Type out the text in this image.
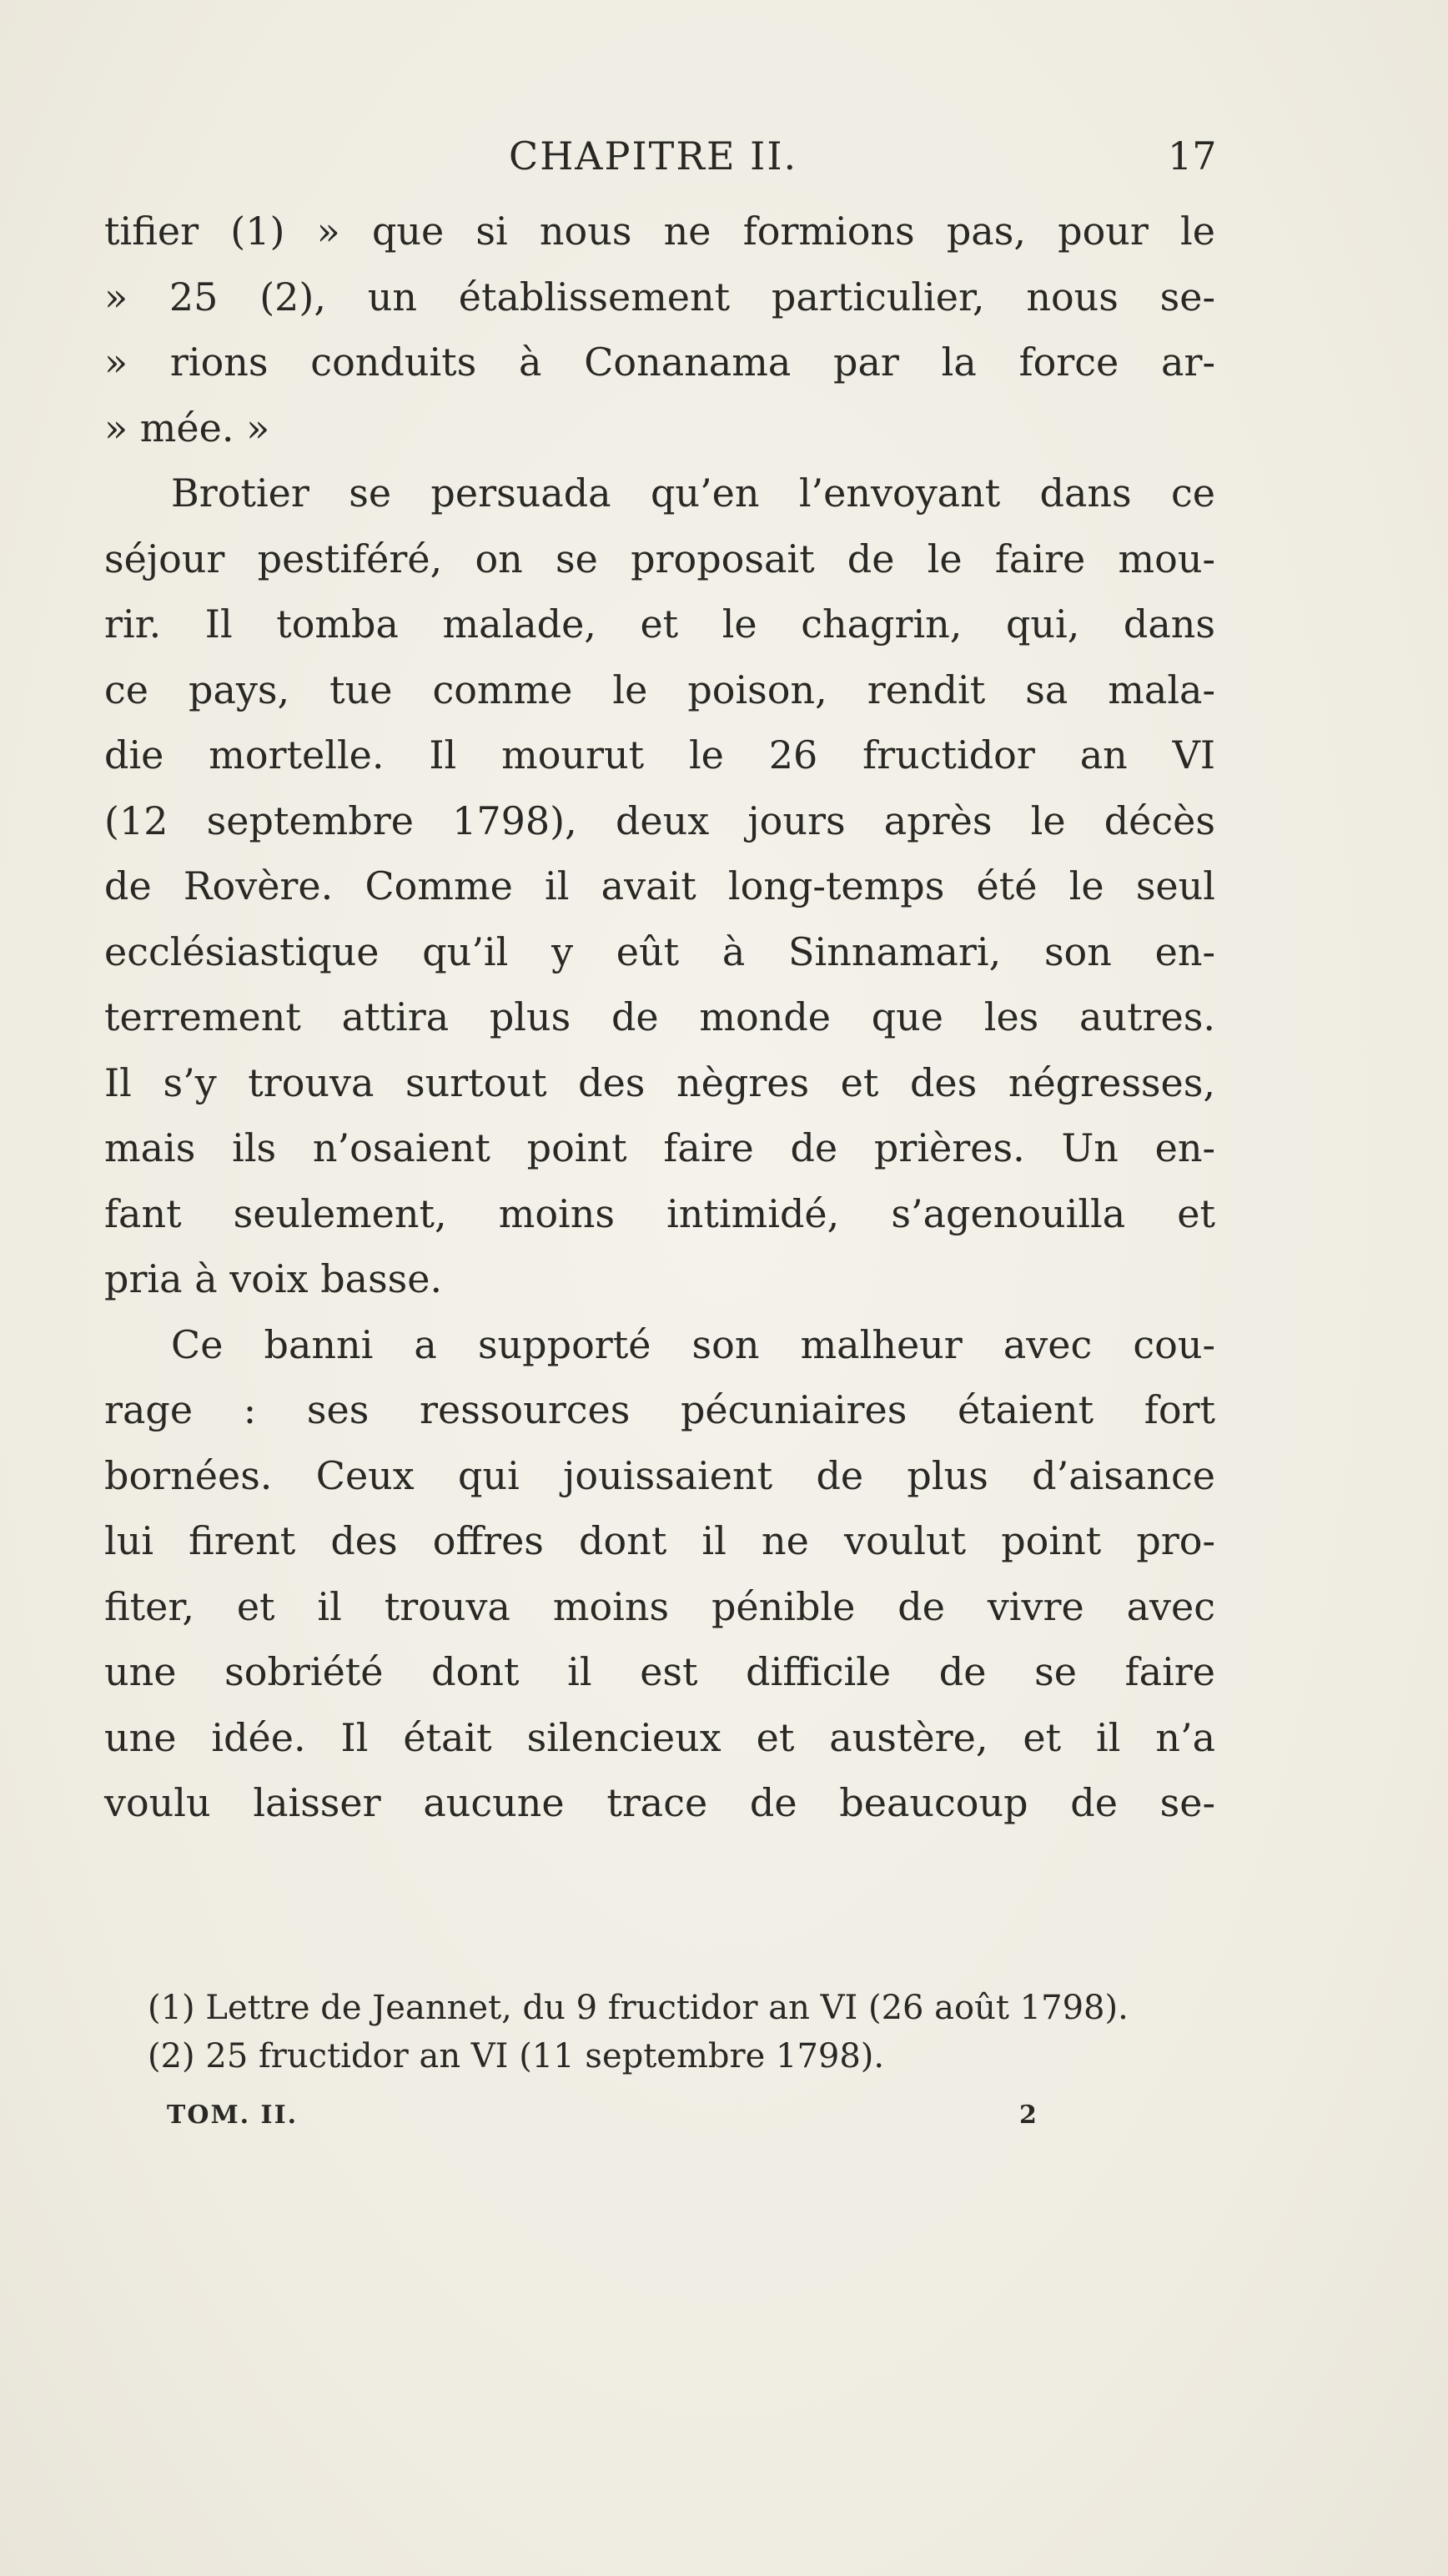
CHAPITRE II.	17
tifier (1) » que si nous ne formions pas, pour le
» 25 (2), un établissement particulier, nous se-
» rions conduits à Conanama par la force ar-
» mée. »
Brotier se persuada qu’en l’envoyant dans ce
séjour pestiféré, on se proposait de le faire mou-
rir. Il tomba malade, et le chagrin, qui, dans
ce pays, tue comme le poison, rendit sa mala-
die mortelle. Il mourut le 26 fructidor an VI
(12 septembre 1798), deux jours après le décès
de Rovère. Comme il avait long-temps été le seul
ecclésiastique qu’il y eût à Sinnamari, son en-
terrement attira plus de monde que les autres.
Il s’y trouva surtout des nègres et des négresses,
mais ils n’osaient point faire de prières. Un en-
fant seulement, moins intimidé, s’agenouilla et
pria à voix basse.
Ce banni a supporté son malheur avec cou-
rage : ses ressources pécuniaires étaient fort
bornées. Ceux qui jouissaient de plus d’aisance
lui firent des offres dont il ne voulut point pro-
fiter, et il trouva moins pénible de vivre avec
une sobriété dont il est difficile de se faire
une idée. Il était silencieux et austère, et il n’a
voulu laisser aucune trace de beaucoup de se-
(1) Lettre de Jeannet, du 9 fructidor an VI (26 août 1798).
(2) 25 fructidor an VI (11 septembre 1798).
TOM. II.	2
